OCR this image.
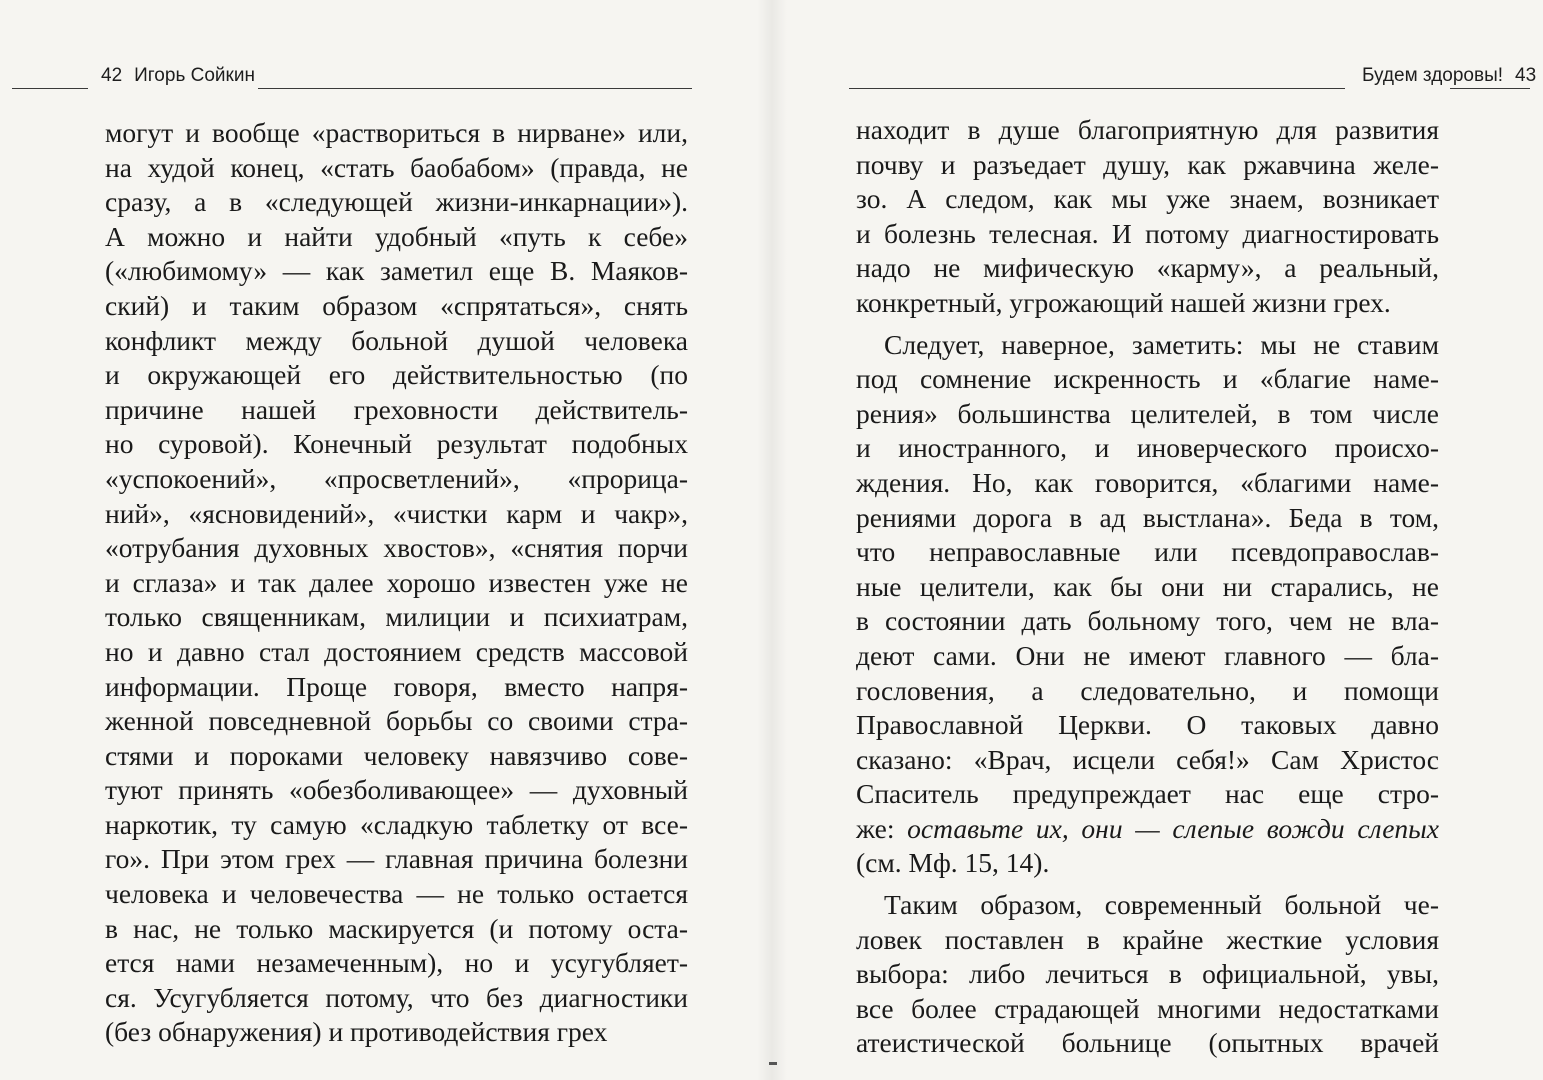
42 Игорь Сойкин
могут и вообще «раствориться в нирване» или,
на худой конец, «стать баобабом» (правда, не
сразу, а в «следующей жизни-инкарнации»).
А можно и найти удобный «путь к себе»
(«любимому» — как заметил еще В. Маяков-
ский) и таким образом «спрятаться», снять
конфликт между больной душой человека
и окружающей его действительностью (по
причине нашей греховности действитель-
но суровой). Конечный результат подобных
«успокоений», «просветлений», «прорица-
ний», «ясновидений», «чистки карм и чакр»,
«отрубания духовных хвостов», «снятия порчи
и сглаза» и так далее хорошо известен уже не
только священникам, милиции и психиатрам,
но и давно стал достоянием средств массовой
информации. Проще говоря, вместо напря-
женной повседневной борьбы со своими стра-
стями и пороками человеку навязчиво сове-
туют принять «обезболивающее» — духовный
наркотик, ту самую «сладкую таблетку от все-
го». При этом грех — главная причина болезни
человека и человечества — не только остается
в нас, не только маскируется (и потому оста-
ется нами незамеченным), но и усугубляет-
ся. Усугубляется потому, что без диагностики
(без обнаружения) и противодействия грех
Будем здоровы! 43
находит в душе благоприятную для развития
почву и разъедает душу, как ржавчина желе-
зо. А следом, как мы уже знаем, возникает
и болезнь телесная. И потому диагностировать
надо не мифическую «карму», а реальный,
конкретный, угрожающий нашей жизни грех.
Следует, наверное, заметить: мы не ставим
под сомнение искренность и «благие наме-
рения» большинства целителей, в том числе
и иностранного, и иноверческого происхо-
ждения. Но, как говорится, «благими наме-
рениями дорога в ад выстлана». Беда в том,
что неправославные или псевдоправослав-
ные целители, как бы они ни старались, не
в состоянии дать больному того, чем не вла-
деют сами. Они не имеют главного — бла-
гословения, а следовательно, и помощи
Православной Церкви. О таковых давно
сказано: «Врач, исцели себя!» Сам Христос
Спаситель предупреждает нас еще стро-
же: оставьте их, они — слепые вожди слепых
(см. Мф. 15, 14).
Таким образом, современный больной че-
ловек поставлен в крайне жесткие условия
выбора: либо лечиться в официальной, увы,
все более страдающей многими недостатками
атеистической больнице (опытных врачей
